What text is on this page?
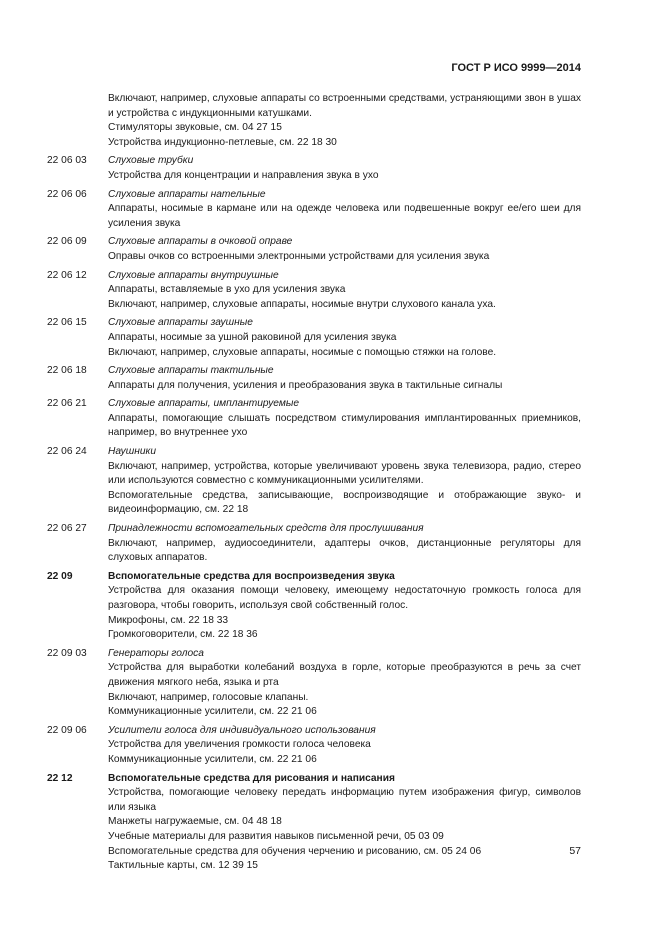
ГОСТ Р ИСО 9999—2014
Включают, например, слуховые аппараты со встроенными средствами, устраняющими звон в ушах и устройства с индукционными катушками.
Стимуляторы звуковые, см. 04 27 15
Устройства индукционно-петлевые, см. 22 18 30
22 06 03	Слуховые трубки
Устройства для концентрации и направления звука в ухо
22 06 06	Слуховые аппараты нательные
Аппараты, носимые в кармане или на одежде человека или подвешенные вокруг ее/его шеи для усиления звука
22 06 09	Слуховые аппараты в очковой оправе
Оправы очков со встроенными электронными устройствами для усиления звука
22 06 12	Слуховые аппараты внутриушные
Аппараты, вставляемые в ухо для усиления звука
Включают, например, слуховые аппараты, носимые внутри слухового канала уха.
22 06 15	Слуховые аппараты заушные
Аппараты, носимые за ушной раковиной для усиления звука
Включают, например, слуховые аппараты, носимые с помощью стяжки на голове.
22 06 18	Слуховые аппараты тактильные
Аппараты для получения, усиления и преобразования звука в тактильные сигналы
22 06 21	Слуховые аппараты, имплантируемые
Аппараты, помогающие слышать посредством стимулирования имплантированных приемников, например, во внутреннее ухо
22 06 24	Наушники
Включают, например, устройства, которые увеличивают уровень звука телевизора, радио, стерео или используются совместно с коммуникационными усилителями.
Вспомогательные средства, записывающие, воспроизводящие и отображающие звуко- и видеоинформацию, см. 22 18
22 06 27	Принадлежности вспомогательных средств для прослушивания
Включают, например, аудиосоединители, адаптеры очков, дистанционные регуляторы для слуховых аппаратов.
22 09	Вспомогательные средства для воспроизведения звука
Устройства для оказания помощи человеку, имеющему недостаточную громкость голоса для разговора, чтобы говорить, используя свой собственный голос.
Микрофоны, см. 22 18 33
Громкоговорители, см. 22 18 36
22 09 03	Генераторы голоса
Устройства для выработки колебаний воздуха в горле, которые преобразуются в речь за счет движения мягкого неба, языка и рта
Включают, например, голосовые клапаны.
Коммуникационные усилители, см. 22 21 06
22 09 06	Усилители голоса для индивидуального использования
Устройства для увеличения громкости голоса человека
Коммуникационные усилители, см. 22 21 06
22 12	Вспомогательные средства для рисования и написания
Устройства, помогающие человеку передать информацию путем изображения фигур, символов или языка
Манжеты нагружаемые, см. 04 48 18
Учебные материалы для развития навыков письменной речи, 05 03 09
Вспомогательные средства для обучения черчению и рисованию, см. 05 24 06
Тактильные карты, см. 12 39 15
57
